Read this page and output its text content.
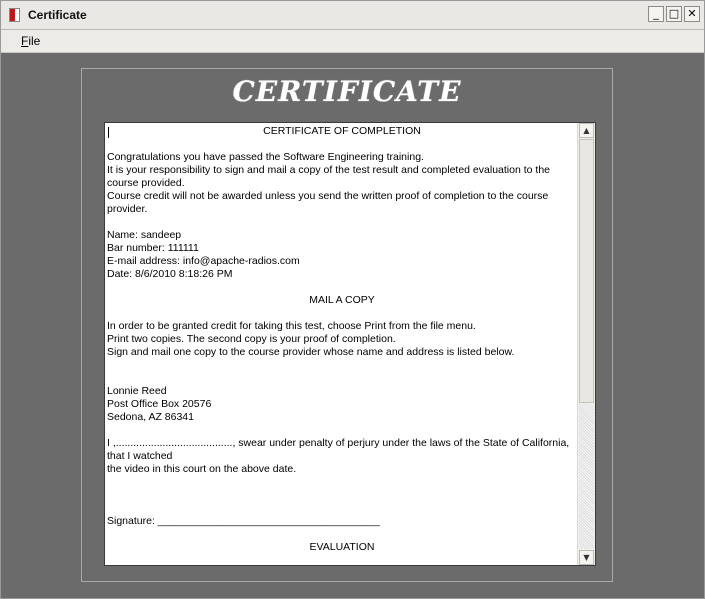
Certificate	_ □ ✕
File
CERTIFICATE

CERTIFICATE OF COMPLETION

Congratulations you have passed the Software Engineering training.
It is your responsibility to sign and mail a copy of the test result and completed evaluation to the course provided.
Course credit will not be awarded unless you send the written proof of completion to the course provider.

Name: sandeep
Bar number: 111111
E-mail address: info@apache-radios.com
Date: 8/6/2010 8:18:26 PM

MAIL A COPY

In order to be granted credit for taking this test, choose Print from the file menu.
Print two copies. The second copy is your proof of completion.
Sign and mail one copy to the course provider whose name and address is listed below.

Lonnie Reed
Post Office Box 20576
Sedona, AZ 86341

I ,........................................, swear under penalty of perjury under the laws of the State of California, that I watched
the video in this court on the above date.

Signature: ______________________________________

EVALUATION

▲
▼
